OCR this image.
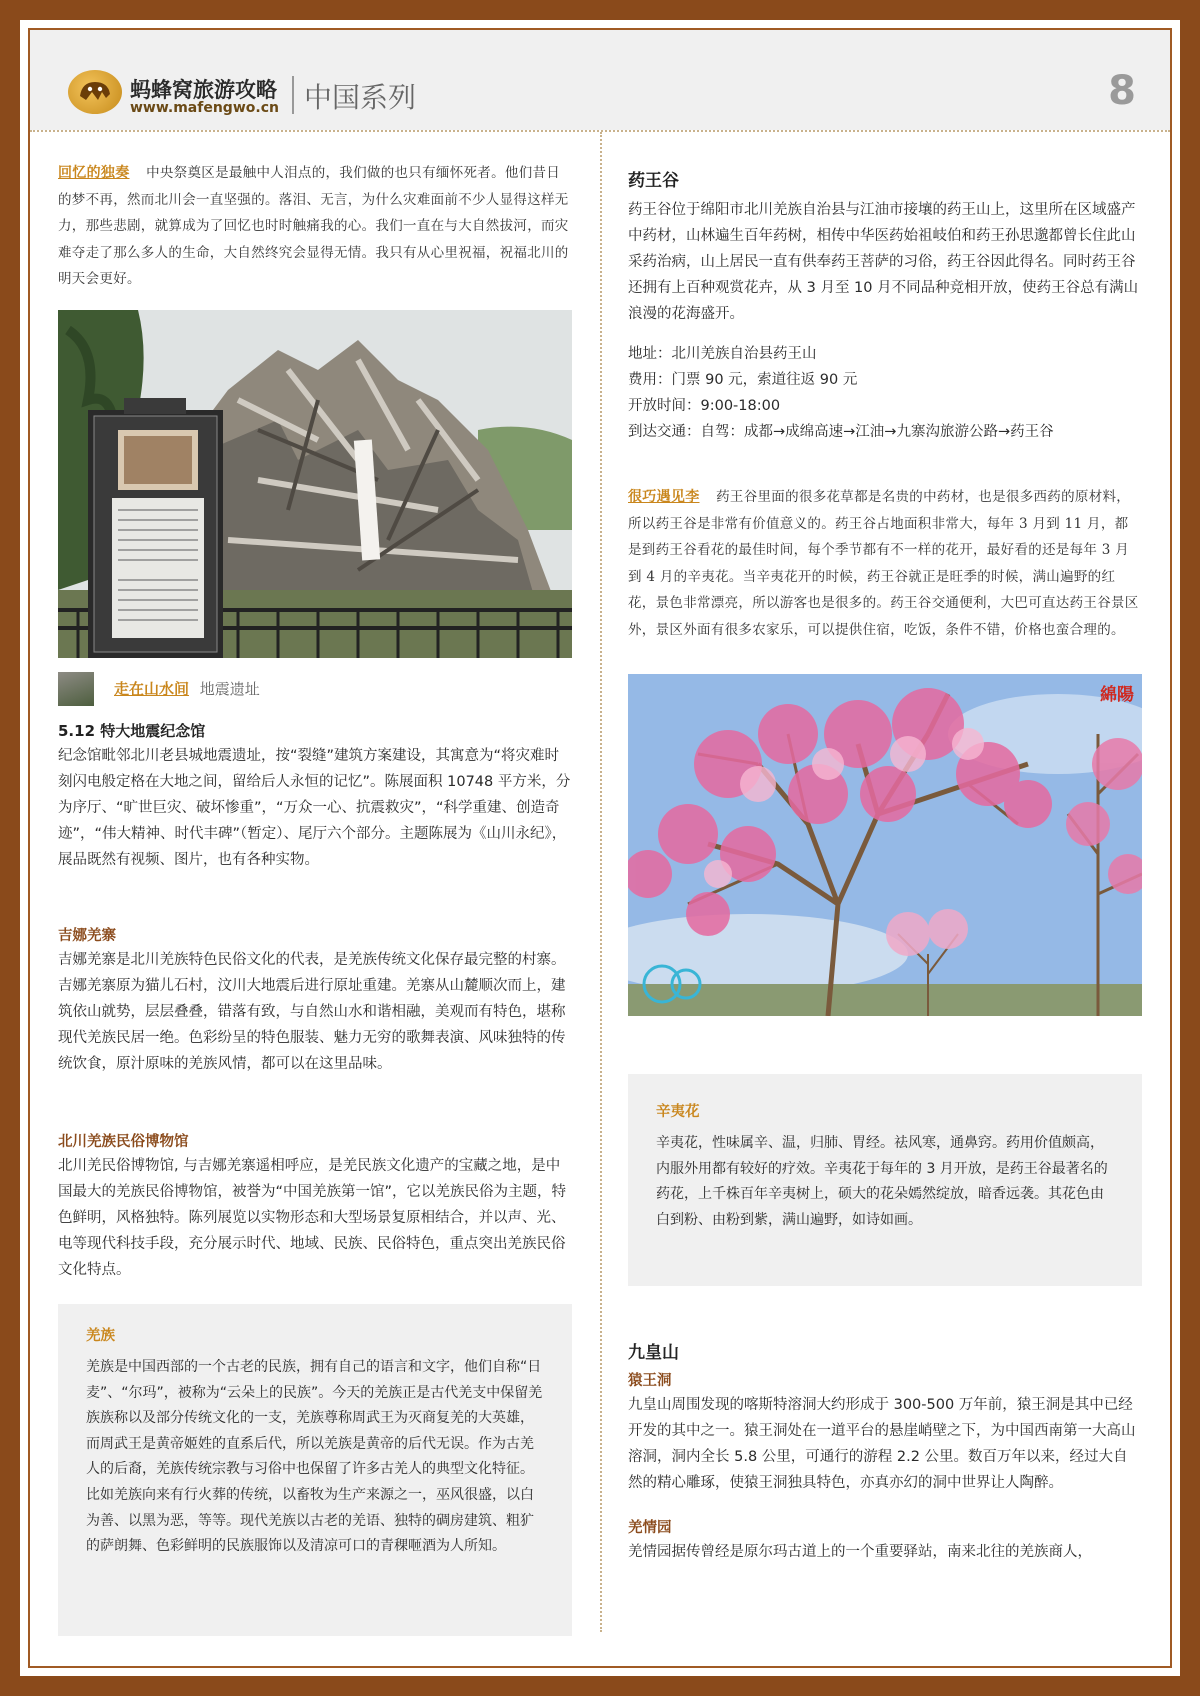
蚂蜂窝旅游攻略
www.mafengwo.cn 中国系列	8
回忆的独奏 中央祭奠区是最触中人泪点的，我们做的也只有缅怀死者。他们昔日的梦不再，然而北川会一直坚强的。落泪、无言，为什么灾难面前不少人显得这样无力，那些悲剧，就算成为了回忆也时时触痛我的心。我们一直在与大自然拔河，而灾难夺走了那么多人的生命，大自然终究会显得无情。我只有从心里祝福，祝福北川的明天会更好。
走在山水间 地震遗址
5.12 特大地震纪念馆
纪念馆毗邻北川老县城地震遗址，按“裂缝”建筑方案建设，其寓意为“将灾难时刻闪电般定格在大地之间，留给后人永恒的记忆”。陈展面积 10748 平方米，分为序厅、“旷世巨灾、破坏惨重”，“万众一心、抗震救灾”，“科学重建、创造奇迹”，“伟大精神、时代丰碑”（暂定）、尾厅六个部分。主题陈展为《山川永纪》，展品既然有视频、图片，也有各种实物。
吉娜羌寨
吉娜羌寨是北川羌族特色民俗文化的代表，是羌族传统文化保存最完整的村寨。吉娜羌寨原为猫儿石村，汶川大地震后进行原址重建。羌寨从山麓顺次而上，建筑依山就势，层层叠叠，错落有致，与自然山水和谐相融，美观而有特色，堪称现代羌族民居一绝。色彩纷呈的特色服装、魅力无穷的歌舞表演、风味独特的传统饮食，原汁原味的羌族风情，都可以在这里品味。
北川羌族民俗博物馆
北川羌民俗博物馆, 与吉娜羌寨遥相呼应，是羌民族文化遗产的宝藏之地，是中国最大的羌族民俗博物馆，被誉为“中国羌族第一馆”，它以羌族民俗为主题，特色鲜明，风格独特。陈列展览以实物形态和大型场景复原相结合，并以声、光、电等现代科技手段，充分展示时代、地域、民族、民俗特色，重点突出羌族民俗文化特点。
羌族
羌族是中国西部的一个古老的民族，拥有自己的语言和文字，他们自称“日麦”、“尔玛”，被称为“云朵上的民族”。今天的羌族正是古代羌支中保留羌族族称以及部分传统文化的一支，羌族尊称周武王为灭商复羌的大英雄，而周武王是黄帝姬姓的直系后代，所以羌族是黄帝的后代无误。作为古羌人的后裔，羌族传统宗教与习俗中也保留了许多古羌人的典型文化特征。比如羌族向来有行火葬的传统，以畜牧为生产来源之一，巫风很盛，以白为善、以黑为恶，等等。现代羌族以古老的羌语、独特的碉房建筑、粗犷的萨朗舞、色彩鲜明的民族服饰以及清凉可口的青稞咂酒为人所知。
药王谷
药王谷位于绵阳市北川羌族自治县与江油市接壤的药王山上，这里所在区域盛产中药材，山林遍生百年药树，相传中华医药始祖岐伯和药王孙思邈都曾长住此山采药治病，山上居民一直有供奉药王菩萨的习俗，药王谷因此得名。同时药王谷还拥有上百种观赏花卉，从 3 月至 10 月不同品种竞相开放，使药王谷总有满山浪漫的花海盛开。
地址：北川羌族自治县药王山
费用：门票 90 元，索道往返 90 元
开放时间：9:00-18:00
到达交通：自驾：成都→成绵高速→江油→九寨沟旅游公路→药王谷
很巧遇见李 药王谷里面的很多花草都是名贵的中药材，也是很多西药的原材料，所以药王谷是非常有价值意义的。药王谷占地面积非常大，每年 3 月到 11 月，都是到药王谷看花的最佳时间，每个季节都有不一样的花开，最好看的还是每年 3 月到 4 月的辛夷花。当辛夷花开的时候，药王谷就正是旺季的时候，满山遍野的红花，景色非常漂亮，所以游客也是很多的。药王谷交通便利，大巴可直达药王谷景区外，景区外面有很多农家乐，可以提供住宿，吃饭，条件不错，价格也蛮合理的。
綿陽
辛夷花
辛夷花，性味属辛、温，归肺、胃经。祛风寒，通鼻窍。药用价值颇高，内服外用都有较好的疗效。辛夷花于每年的 3 月开放，是药王谷最著名的药花，上千株百年辛夷树上，硕大的花朵嫣然绽放，暗香远袭。其花色由白到粉、由粉到紫，满山遍野，如诗如画。
九皇山
猿王洞
九皇山周围发现的喀斯特溶洞大约形成于 300-500 万年前，猿王洞是其中已经开发的其中之一。猿王洞处在一道平台的悬崖峭壁之下，为中国西南第一大高山溶洞，洞内全长 5.8 公里，可通行的游程 2.2 公里。数百万年以来，经过大自然的精心雕琢，使猿王洞独具特色，亦真亦幻的洞中世界让人陶醉。
羌情园
羌情园据传曾经是原尔玛古道上的一个重要驿站，南来北往的羌族商人，
